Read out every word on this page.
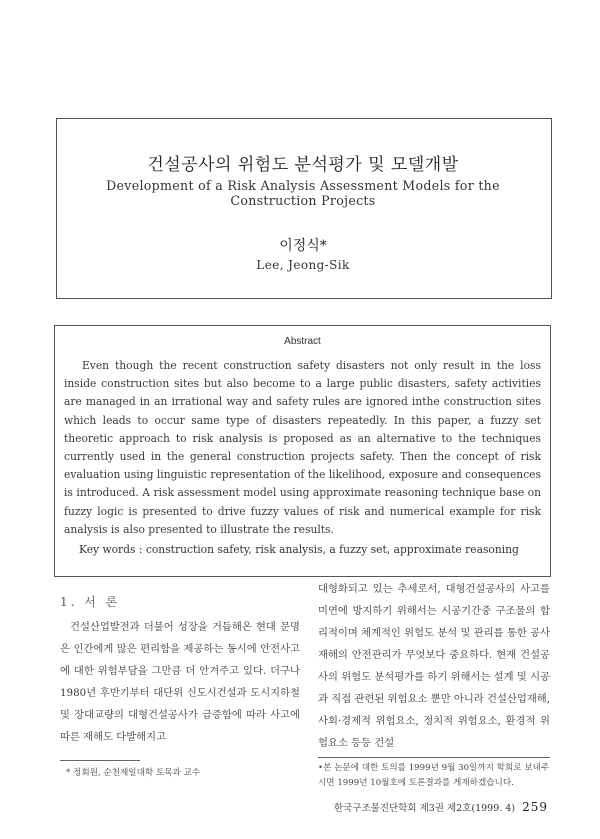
건설공사의 위험도 분석평가 및 모델개발
Development of a Risk Analysis Assessment Models for the Construction Projects
이정식*
Lee, Jeong-Sik
Abstract

Even though the recent construction safety disasters not only result in the loss inside construction sites but also become to a large public disasters, safety activities are managed in an irrational way and safety rules are ignored inthe construction sites which leads to occur same type of disasters repeatedly. In this paper, a fuzzy set theoretic approach to risk analysis is proposed as an alternative to the techniques currently used in the general construction projects safety. Then the concept of risk evaluation using linguistic representation of the likelihood, exposure and consequences is introduced. A risk assessment model using approximate reasoning technique base on fuzzy logic is presented to drive fuzzy values of risk and numerical example for risk analysis is also presented to illustrate the results.

Key words : construction safety, risk analysis, a fuzzy set, approximate reasoning
1. 서 론

건설산업발전과 더불어 성장을 거듭해온 현대 문명은 인간에게 많은 편리함을 제공하는 동시에 안전사고에 대한 위험부담을 그만큼 더 안겨주고 있다. 더구나 1980년 후반기부터 대단위 신도시건설과 도시지하철 및 장대교량의 대형건설공사가 급증함에 따라 사고에 따른 재해도 다발해지고

대형화되고 있는 추세로서, 대형건설공사의 사고를 미연에 방지하기 위해서는 시공기간중 구조물의 합리적이며 체계적인 위험도 분석 및 관리를 통한 공사 재해의 안전관리가 무엇보다 중요하다. 현재 건설공사의 위험도 분석평가를 하기 위해서는 설계 및 시공과 직접 관련된 위험요소 뿐만 아니라 건설산업재해, 사회·경제적 위험요소, 정치적 위험요소, 환경적 위험요소 등등 건설

* 정회원, 순천제일대학 토목과 교수	•본 논문에 대한 토의를 1999년 9월 30일까지 학회로 보내주시면 1999년 10월호에 토론결과를 게재하겠습니다.
한국구조물진단학회 제3권 제2호(1999. 4) 259
